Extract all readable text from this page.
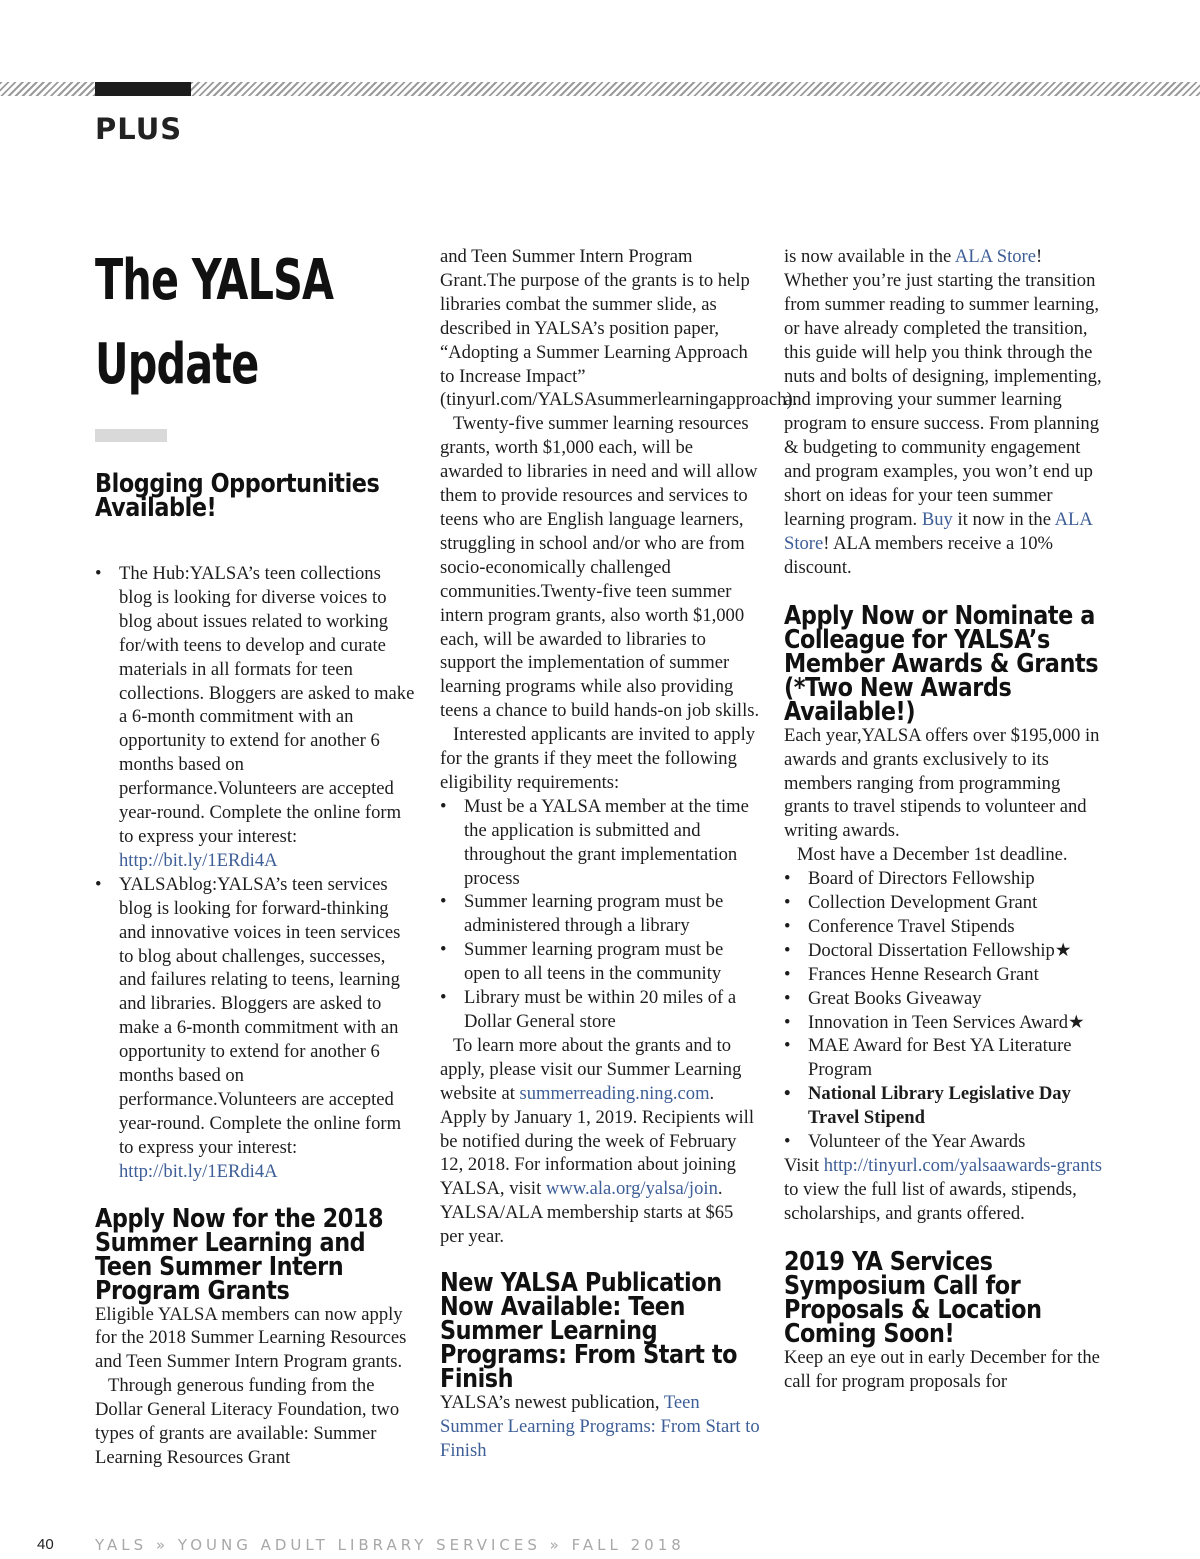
PLUS
The YALSA
Update
Blogging Opportunities Available!
• The Hub:YALSA’s teen collections blog is looking for diverse voices to blog about issues related to working for/with teens to develop and curate materials in all formats for teen collections. Bloggers are asked to make a 6-month commitment with an opportunity to extend for another 6 months based on performance.Volunteers are accepted year-round. Complete the online form to express your interest: http://bit.ly/1ERdi4A
• YALSAblog:YALSA’s teen services blog is looking for forward-thinking and innovative voices in teen services to blog about challenges, successes, and failures relating to teens, learning and libraries. Bloggers are asked to make a 6-month commitment with an opportunity to extend for another 6 months based on performance.Volunteers are accepted year-round. Complete the online form to express your interest: http://bit.ly/1ERdi4A
Apply Now for the 2018 Summer Learning and Teen Summer Intern Program Grants

Eligible YALSA members can now apply for the 2018 Summer Learning Resources and Teen Summer Intern Program grants.

Through generous funding from the Dollar General Literacy Foundation, two types of grants are available: Summer Learning Resources Grant

and Teen Summer Intern Program Grant.The purpose of the grants is to help libraries combat the summer slide, as described in YALSA’s position paper, “Adopting a Summer Learning Approach to Increase Impact” (tinyurl.com/YALSAsummerlearningapproach).

Twenty-five summer learning resources grants, worth $1,000 each, will be awarded to libraries in need and will allow them to provide resources and services to teens who are English language learners, struggling in school and/or who are from socio-economically challenged communities.Twenty-five teen summer intern program grants, also worth $1,000 each, will be awarded to libraries to support the implementation of summer learning programs while also providing teens a chance to build hands-on job skills.

Interested applicants are invited to apply for the grants if they meet the following eligibility requirements:

• Must be a YALSA member at the time the application is submitted and throughout the grant implementation process
• Summer learning program must be administered through a library
• Summer learning program must be open to all teens in the community
• Library must be within 20 miles of a Dollar General store

To learn more about the grants and to apply, please visit our Summer Learning website at summerreading.ning.com. Apply by January 1, 2019. Recipients will be notified during the week of February 12, 2018. For information about joining YALSA, visit www.ala.org/yalsa/join. YALSA/ALA membership starts at $65 per year.

New YALSA Publication Now Available: Teen Summer Learning Programs: From Start to Finish

YALSA’s newest publication, Teen Summer Learning Programs: From Start to Finish

is now available in the ALA Store! Whether you’re just starting the transition from summer reading to summer learning, or have already completed the transition, this guide will help you think through the nuts and bolts of designing, implementing, and improving your summer learning program to ensure success. From planning & budgeting to community engagement and program examples, you won’t end up short on ideas for your teen summer learning program. Buy it now in the ALA Store! ALA members receive a 10% discount.

Apply Now or Nominate a Colleague for YALSA’s Member Awards & Grants (*Two New Awards Available!)

Each year,YALSA offers over $195,000 in awards and grants exclusively to its members ranging from programming grants to travel stipends to volunteer and writing awards.

Most have a December 1st deadline.

• Board of Directors Fellowship
• Collection Development Grant
• Conference Travel Stipends
• Doctoral Dissertation Fellowship★
• Frances Henne Research Grant
• Great Books Giveaway
• Innovation in Teen Services Award★
• MAE Award for Best YA Literature Program
• National Library Legislative Day Travel Stipend
• Volunteer of the Year Awards

Visit http://tinyurl.com/yalsaawards-grants to view the full list of awards, stipends, scholarships, and grants offered.

2019 YA Services Symposium Call for Proposals & Location Coming Soon!

Keep an eye out in early December for the call for program proposals for

40	YALS » YOUNG ADULT LIBRARY SERVICES » FALL 2018
